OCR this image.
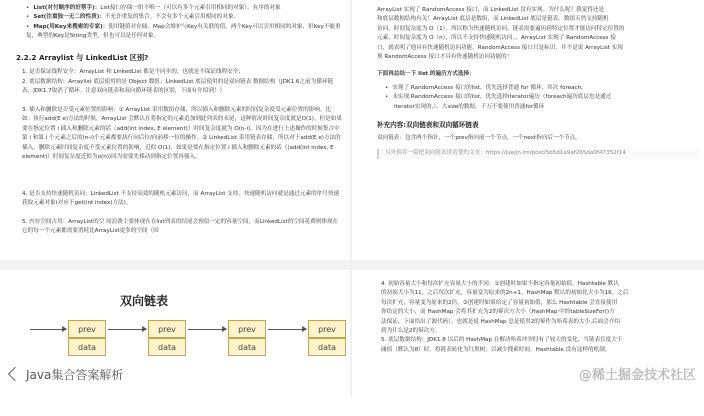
• List(对付顺序的好帮手)：List接口存储一组不唯一（可以有多个元素引用相同的对象），有序的对象
• Set(注重独一无二的性质)：不允许重复的集合。不会有多个元素引用相同的对象。
• Map(用Key来搜索的专家)：使用键值对存储。Map会维护与Key有关联的值。两个Key可以引用相同的对象，但Key不能重复，典型的Key是String类型，但也可以是任何对象。
2.2.2 Arraylist 与 LinkedList 区别?
1. 是否保证线程安全：ArrayList 和 LinkedList 都是不同步的，也就是不保证线程安全；
2. 底层数据结构：Arraylist 底层使用的是 Object 数组；LinkedList 底层使用的是双向链表 数据结构（JDK1.6之前为循环链表，JDK1.7取消了循环。注意双向链表和双向循环链表的区别，下面有介绍到！）
3. 插入和删除是否受元素位置的影响：① ArrayList 采用数组存储，所以插入和删除元素的时间复杂度受元素位置的影响。比如：执行add(E e)方法的时候，ArrayList 会默认在将指定的元素追加到此列表的末尾，这种情况时间复杂度就是O(1)。但是如果要在指定位置 i 插入和删除元素的话（add(int index, E element)）时间复杂度就为 O(n-i)。因为在进行上述操作的时候集合中第 i 和第 i 个元素之后的(n-i)个元素都要执行向后位/向前移一位的操作。② LinkedList 采用链表存储，所以对于add(E e)方法的插入，删除元素时间复杂度不受元素位置的影响，近似 O(1)，如果是要在指定位置 i 插入和删除元素的话（(add(int index, E element)）时间复杂度近似为o(n))因为需要先移动到指定位置再插入。
4. 是否支持快速随机访问：LinkedList 不支持高效的随机元素访问，而 ArrayList 支持。快速随机访问就是通过元素的序号快速获取元素对象(对应于get(int index)方法)。
5. 内存空间占用：ArrayList的空 间浪费主要体现在在list列表的结尾会预留一定的容量空间，而LinkedList的空间花费则体现在它的每一个元素都需要消耗比ArrayList更多的空间（因
ArrayList 实现了 RandomAccess 接口，而 LinkedList 没有实现。为什么呢？我觉得还是
和底层数据结构有关！ArrayList 底层是数组，而 LinkedList 底层是链表。数组天然支持随机
访问，时间复杂度为 O（1），所以称为快速随机访问。链表需要遍历到特定位置才能访问特定位置的
元素，时间复杂度为 O（n），所以不支持快速随机访问。，ArrayList 实现了 RandomAccess 接
口，就表明了他具有快速随机访问功能。RandomAccess 接口只是标识，并不是说 ArrayList 实现
现 RandomAccess 接口才具有快速随机访问功能的！
下面再总结一下 list 的遍历方式选择：
• 实现了 RandomAccess 接口的list，优先选择普通 for 循环，其次 foreach,
• 未实现 RandomAccess 接口的list，优先选择iterator遍历（foreach遍历底层也是通过
iterator实现的,），大size的数据，千万不要使用普通for循环
补充内容:双向链表和双向循环链表
双向链表：包含两个指针，一个prev指向前一个节点，一个next指向后一个节点。
另外推荐一篇把双向链表讲清楚的文章：https://juejin.im/post/5b5d1a9af265da0f47352f14
双向链表
prev
data
prev
data
prev
data
prev
data
4. 初始容量大小和每次扩充容量大小的不同：①创建时如果不指定容量初始值，Hashtable 默认
的初始大小为11，之后每次扩充，容量变为原来的2n+1。HashMap 默认的初始化大小为16。之后
每次扩充，容量变为原来的2倍。②创建时如果给定了容量初始值，那么 Hashtable 会直接使用
你给定的大小，而 HashMap 会将其扩充为2的幂次方大小（HashMap 中的tableSizeFor()方
法保证，下面给出了源代码）。也就是说 HashMap 总是使用2的幂作为哈希表的大小,后面会介绍
到为什么是2的幂次方。
5. 底层数据结构：JDK1.8 以后的 HashMap 在解决哈希冲突时有了较大的变化，当链表长度大于
阈值（默认为8）时，将链表转化为红黑树，以减少搜索时间。Hashtable 没有这样的机制。
Java集合答案解析	@稀土掘金技术社区
